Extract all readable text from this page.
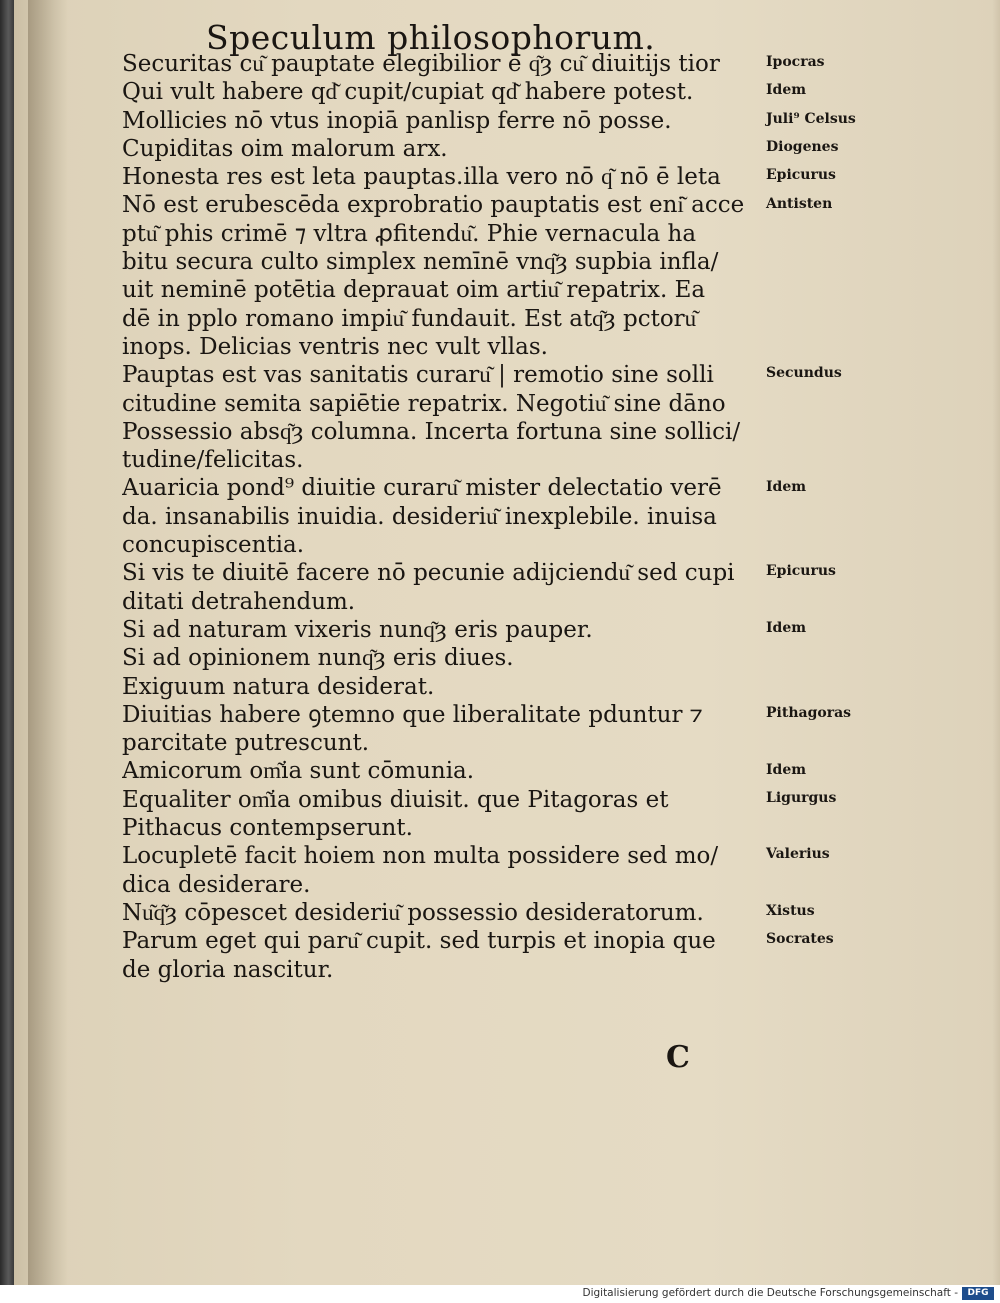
Speculum philosophorum.
Securitas cu͂ pauptate elegibilior ē q͂ȝ cu͂ diuitijs tior
Qui vult habere qd͂ cupit/cupiat qd͂ habere potest.
Mollicies nō vtus inopiā panlisp ferre nō posse.
Cupiditas oim malorum arx.
Honesta res est leta pauptas.illa vero nō q͂ nō ē leta
Nō est erubescēda exprobratio pauptatis est eni͂ acce
ptu͂ phis crimē ⁊ vltra ꝓfitendu͂. Phie vernacula ha
bitu secura culto simplex nemīnē vnq͂ȝ supbia infla/
uit neminē potētia deprauat oim artiu͂ repatrix. Ea
dē in pplo romano impiu͂ fundauit. Est atq͂ȝ pctoru͂
inops. Delicias ventris nec vult vllas.
Pauptas est vas sanitatis curaru͂ | remotio sine solli
citudine semita sapiētie repatrix. Negotiu͂ sine dāno
Possessio absq͂ȝ columna. Incerta fortuna sine sollici/
tudine/felicitas.
Auaricia pond⁹ diuitie curaru͂ mister delectatio verē
da. insanabilis inuidia. desideriu͂ inexplebile. inuisa
concupiscentia.
Si vis te diuitē facere nō pecunie adijciendu͂ sed cupi
ditati detrahendum.
Si ad naturam vixeris nunq͂ȝ eris pauper.
Si ad opinionem nunq͂ȝ eris diues.
Exiguum natura desiderat.
Diuitias habere ꝯtemno que liberalitate pduntur ⁊
parcitate putrescunt.
Amicorum om͂ia sunt cōmunia.
Equaliter om͂ia omibus diuisit. que Pitagoras et
Pithacus contempserunt.
Locupletē facit hoiem non multa possidere sed mo/
dica desiderare.
Nu͂q͂ȝ cōpescet desideriu͂ possessio desideratorum.
Parum eget qui paru͂ cupit. sed turpis et inopia que
de gloria nascitur.
Ipocras
Idem
Juli⁹ Celsus
Diogenes
Epicurus
Antisten
Secundus
Idem
Epicurus
Idem
Pithagoras
Idem
Ligurgus
Valerius
Xistus
Socrates
C
Digitalisierung gefördert durch die Deutsche Forschungsgemeinschaft -	DFG
